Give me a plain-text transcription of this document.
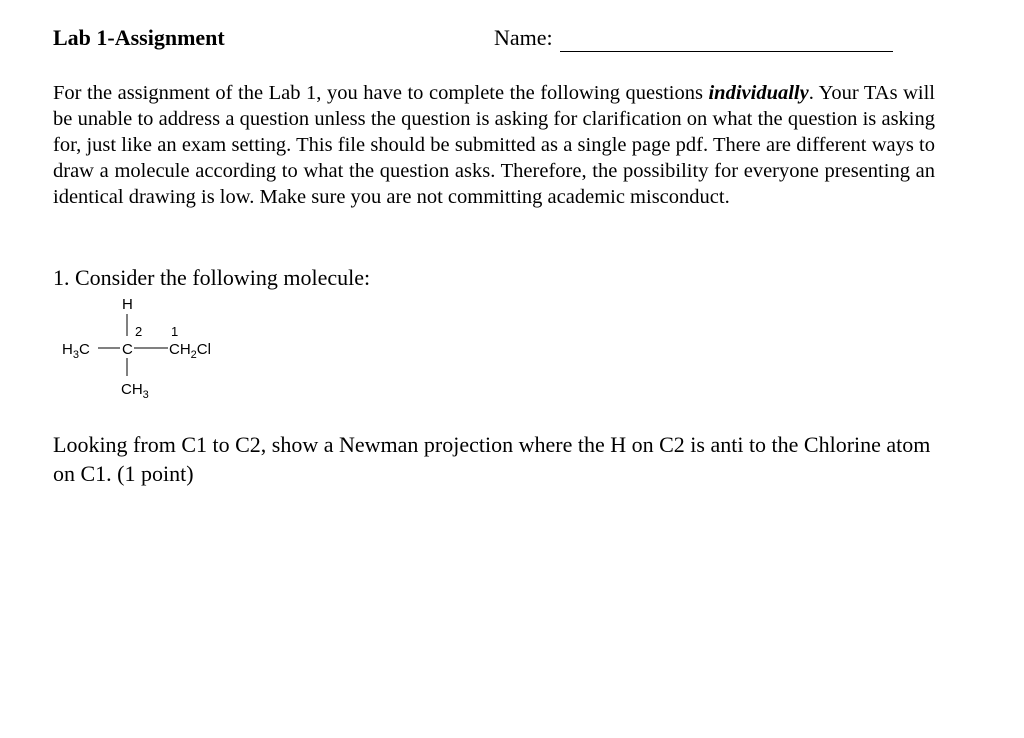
Lab 1-Assignment	Name:
For the assignment of the Lab 1, you have to complete the following questions individually. Your TAs will be unable to address a question unless the question is asking for clarification on what the question is asking for, just like an exam setting. This file should be submitted as a single page pdf. There are different ways to draw a molecule according to what the question asks. Therefore, the possibility for everyone presenting an identical drawing is low. Make sure you are not committing academic misconduct.
1. Consider the following molecule:
H
2 1
$H_3C$ C $CH_2Cl$
$CH_3$
Looking from C1 to C2, show a Newman projection where the H on C2 is anti to the Chlorine atom on C1. (1 point)
